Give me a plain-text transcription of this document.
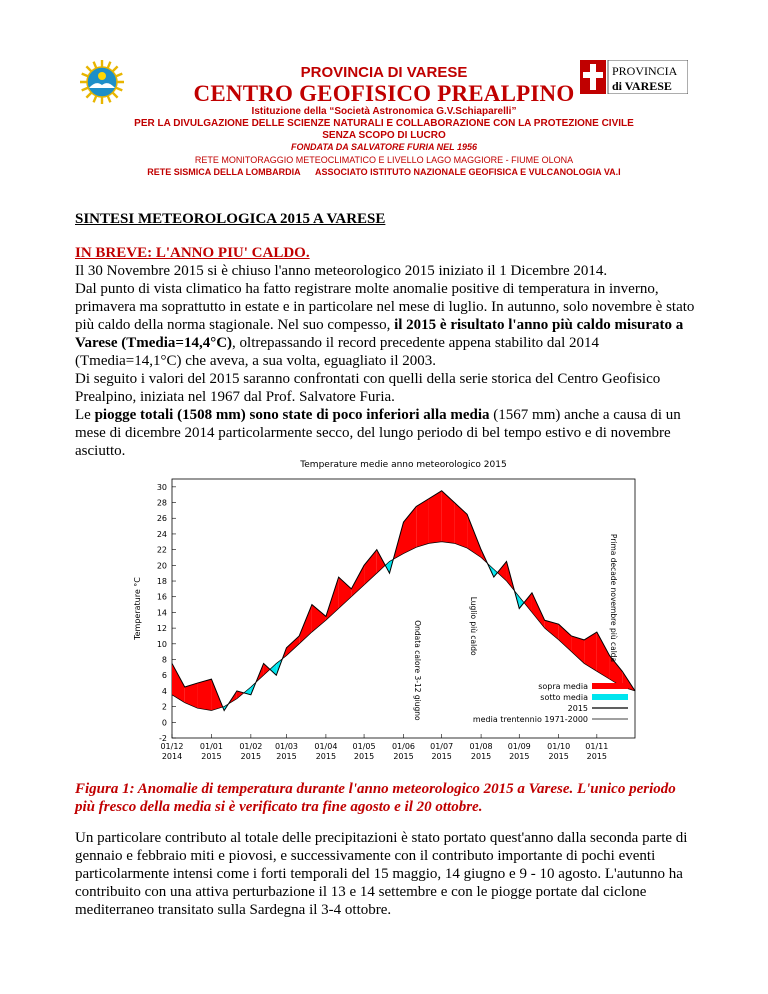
PROVINCIA
di VARESE
PROVINCIA DI VARESE
CENTRO GEOFISICO PREALPINO
Istituzione della “Società Astronomica G.V.Schiaparelli”
PER LA DIVULGAZIONE DELLE SCIENZE NATURALI E COLLABORAZIONE CON LA PROTEZIONE CIVILE
SENZA SCOPO DI LUCRO
FONDATA DA SALVATORE FURIA NEL 1956
RETE MONITORAGGIO METEOCLIMATICO E LIVELLO LAGO MAGGIORE - FIUME OLONA
RETE SISMICA DELLA LOMBARDIA ASSOCIATO ISTITUTO NAZIONALE GEOFISICA E VULCANOLOGIA VA.I
SINTESI METEOROLOGICA 2015 A VARESE
IN BREVE: L'ANNO PIU' CALDO.
Il 30 Novembre 2015 si è chiuso l'anno meteorologico 2015 iniziato il 1 Dicembre 2014.
Dal punto di vista climatico ha fatto registrare molte anomalie positive di temperatura in inverno, primavera ma soprattutto in estate e in particolare nel mese di luglio. In autunno, solo novembre è stato più caldo della norma stagionale. Nel suo compesso, il 2015 è risultato l'anno più caldo misurato a Varese (Tmedia=14,4°C), oltrepassando il record precedente appena stabilito dal 2014 (Tmedia=14,1°C) che aveva, a sua volta, eguagliato il 2003.
Di seguito i valori del 2015 saranno confrontati con quelli della serie storica del Centro Geofisico Prealpino, iniziata nel 1967 dal Prof. Salvatore Furia.
Le piogge totali (1508 mm) sono state di poco inferiori alla media (1567 mm) anche a causa di un mese di dicembre 2014 particolarmente secco, del lungo periodo di bel tempo estivo e di novembre asciutto.
Temperature medie anno meteorologico 2015
-2
0
2
4
6
8
10
12
14
16
18
20
22
24
26
28
30
Temperature °C
01/12
2014
01/01
2015
01/02
2015
01/03
2015
01/04
2015
01/05
2015
01/06
2015
01/07
2015
01/08
2015
01/09
2015
01/10
2015
01/11
2015
Ondata calore 3-12 giugno	Luglio più caldo	Prima decade novembre più calda
sopra media
sotto media
2015
media trentennio 1971-2000
Figura 1: Anomalie di temperatura durante l'anno meteorologico 2015 a Varese. L'unico periodo più fresco della media si è verificato tra fine agosto e il 20 ottobre.
Un particolare contributo al totale delle precipitazioni è stato portato quest'anno dalla seconda parte di gennaio e febbraio miti e piovosi, e successivamente con il contributo importante di pochi eventi particolarmente intensi come i forti temporali del 15 maggio, 14 giugno e 9 - 10 agosto. L'autunno ha contribuito con una attiva perturbazione il 13 e 14 settembre e con le piogge portate dal ciclone mediterraneo transitato sulla Sardegna il 3-4 ottobre.
